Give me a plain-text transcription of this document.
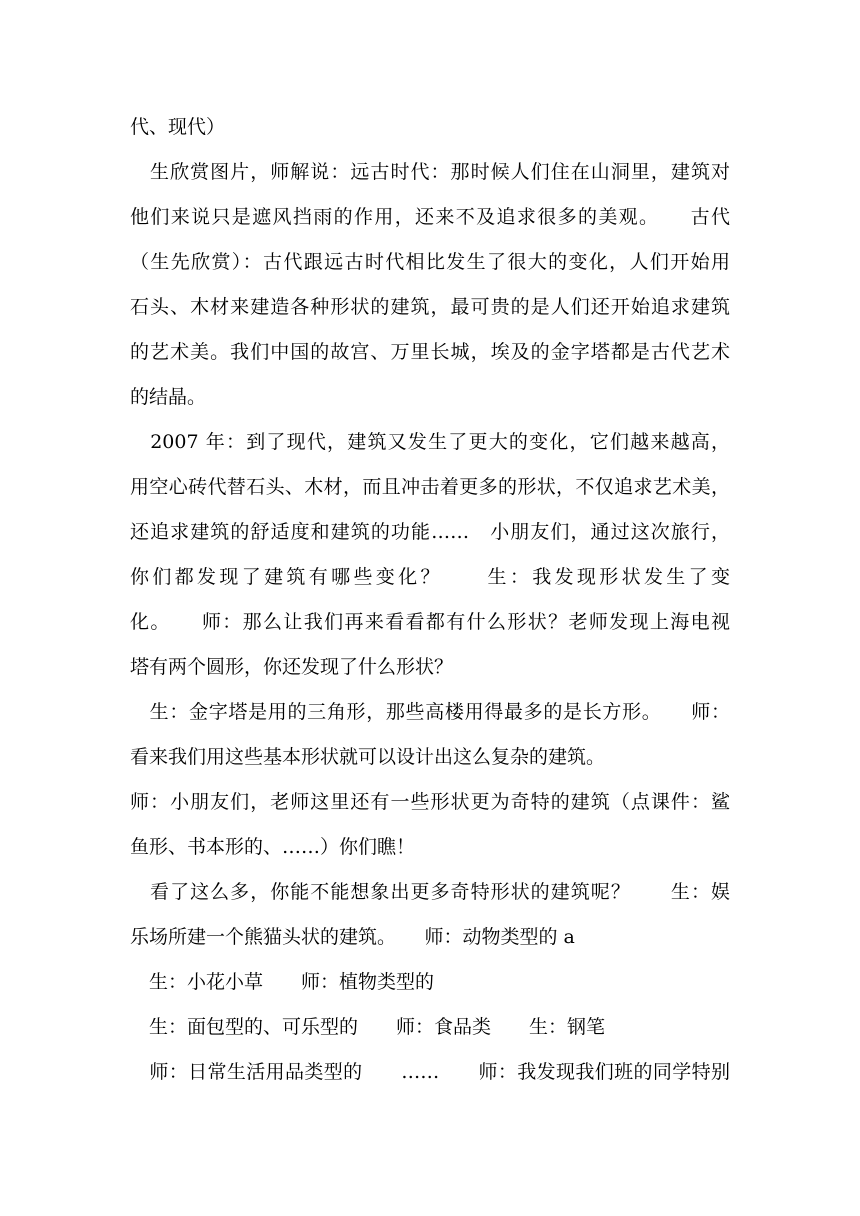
代、现代）
　生欣赏图片，师解说：远古时代：那时候人们住在山洞里，建筑对
他们来说只是遮风挡雨的作用，还来不及追求很多的美观。　　古代
（生先欣赏）：古代跟远古时代相比发生了很大的变化，人们开始用
石头、木材来建造各种形状的建筑，最可贵的是人们还开始追求建筑
的艺术美。我们中国的故宫、万里长城，埃及的金字塔都是古代艺术
的结晶。
　2007 年：到了现代，建筑又发生了更大的变化，它们越来越高，
用空心砖代替石头、木材，而且冲击着更多的形状，不仅追求艺术美，
还追求建筑的舒适度和建筑的功能……　小朋友们，通过这次旅行，
你们都发现了建筑有哪些变化？　　生：我发现形状发生了变
化。　　师：那么让我们再来看看都有什么形状？老师发现上海电视
塔有两个圆形，你还发现了什么形状？
　生：金字塔是用的三角形，那些高楼用得最多的是长方形。　　师：
看来我们用这些基本形状就可以设计出这么复杂的建筑。
师：小朋友们，老师这里还有一些形状更为奇特的建筑（点课件：鲨
鱼形、书本形的、……）你们瞧！
　看了这么多，你能不能想象出更多奇特形状的建筑呢？　　生：娱
乐场所建一个熊猫头状的建筑。　　师：动物类型的 a
　生：小花小草　　师：植物类型的
　生：面包型的、可乐型的　　师：食品类　　生：钢笔
　师：日常生活用品类型的　　……　　师：我发现我们班的同学特别
